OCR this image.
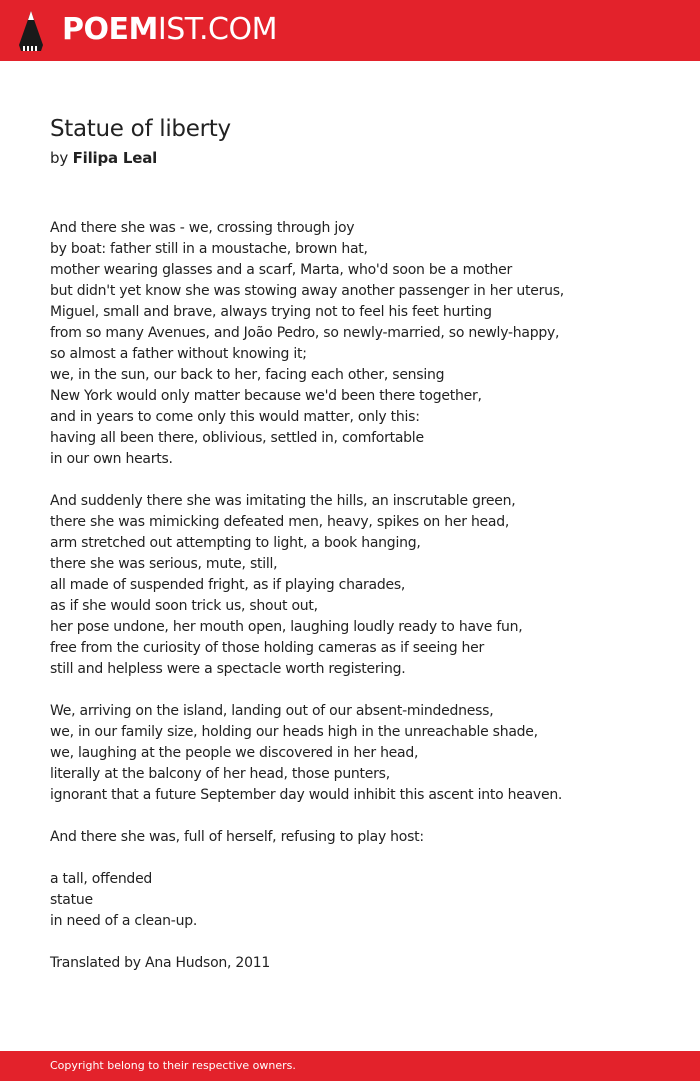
POEMIST.COM
Statue of liberty
by Filipa Leal
And there she was - we, crossing through joy
by boat: father still in a moustache, brown hat,
mother wearing glasses and a scarf, Marta, who'd soon be a mother
but didn't yet know she was stowing away another passenger in her uterus,
Miguel, small and brave, always trying not to feel his feet hurting
from so many Avenues, and João Pedro, so newly-married, so newly-happy,
so almost a father without knowing it;
we, in the sun, our back to her, facing each other, sensing
New York would only matter because we'd been there together,
and in years to come only this would matter, only this:
having all been there, oblivious, settled in, comfortable
in our own hearts.
And suddenly there she was imitating the hills, an inscrutable green,
there she was mimicking defeated men, heavy, spikes on her head,
arm stretched out attempting to light, a book hanging,
there she was serious, mute, still,
all made of suspended fright, as if playing charades,
as if she would soon trick us, shout out,
her pose undone, her mouth open, laughing loudly ready to have fun,
free from the curiosity of those holding cameras as if seeing her
still and helpless were a spectacle worth registering.
We, arriving on the island, landing out of our absent-mindedness,
we, in our family size, holding our heads high in the unreachable shade,
we, laughing at the people we discovered in her head,
literally at the balcony of her head, those punters,
ignorant that a future September day would inhibit this ascent into heaven.
And there she was, full of herself, refusing to play host:
a tall, offended
statue
in need of a clean-up.
Translated by Ana Hudson, 2011
Copyright belong to their respective owners.
